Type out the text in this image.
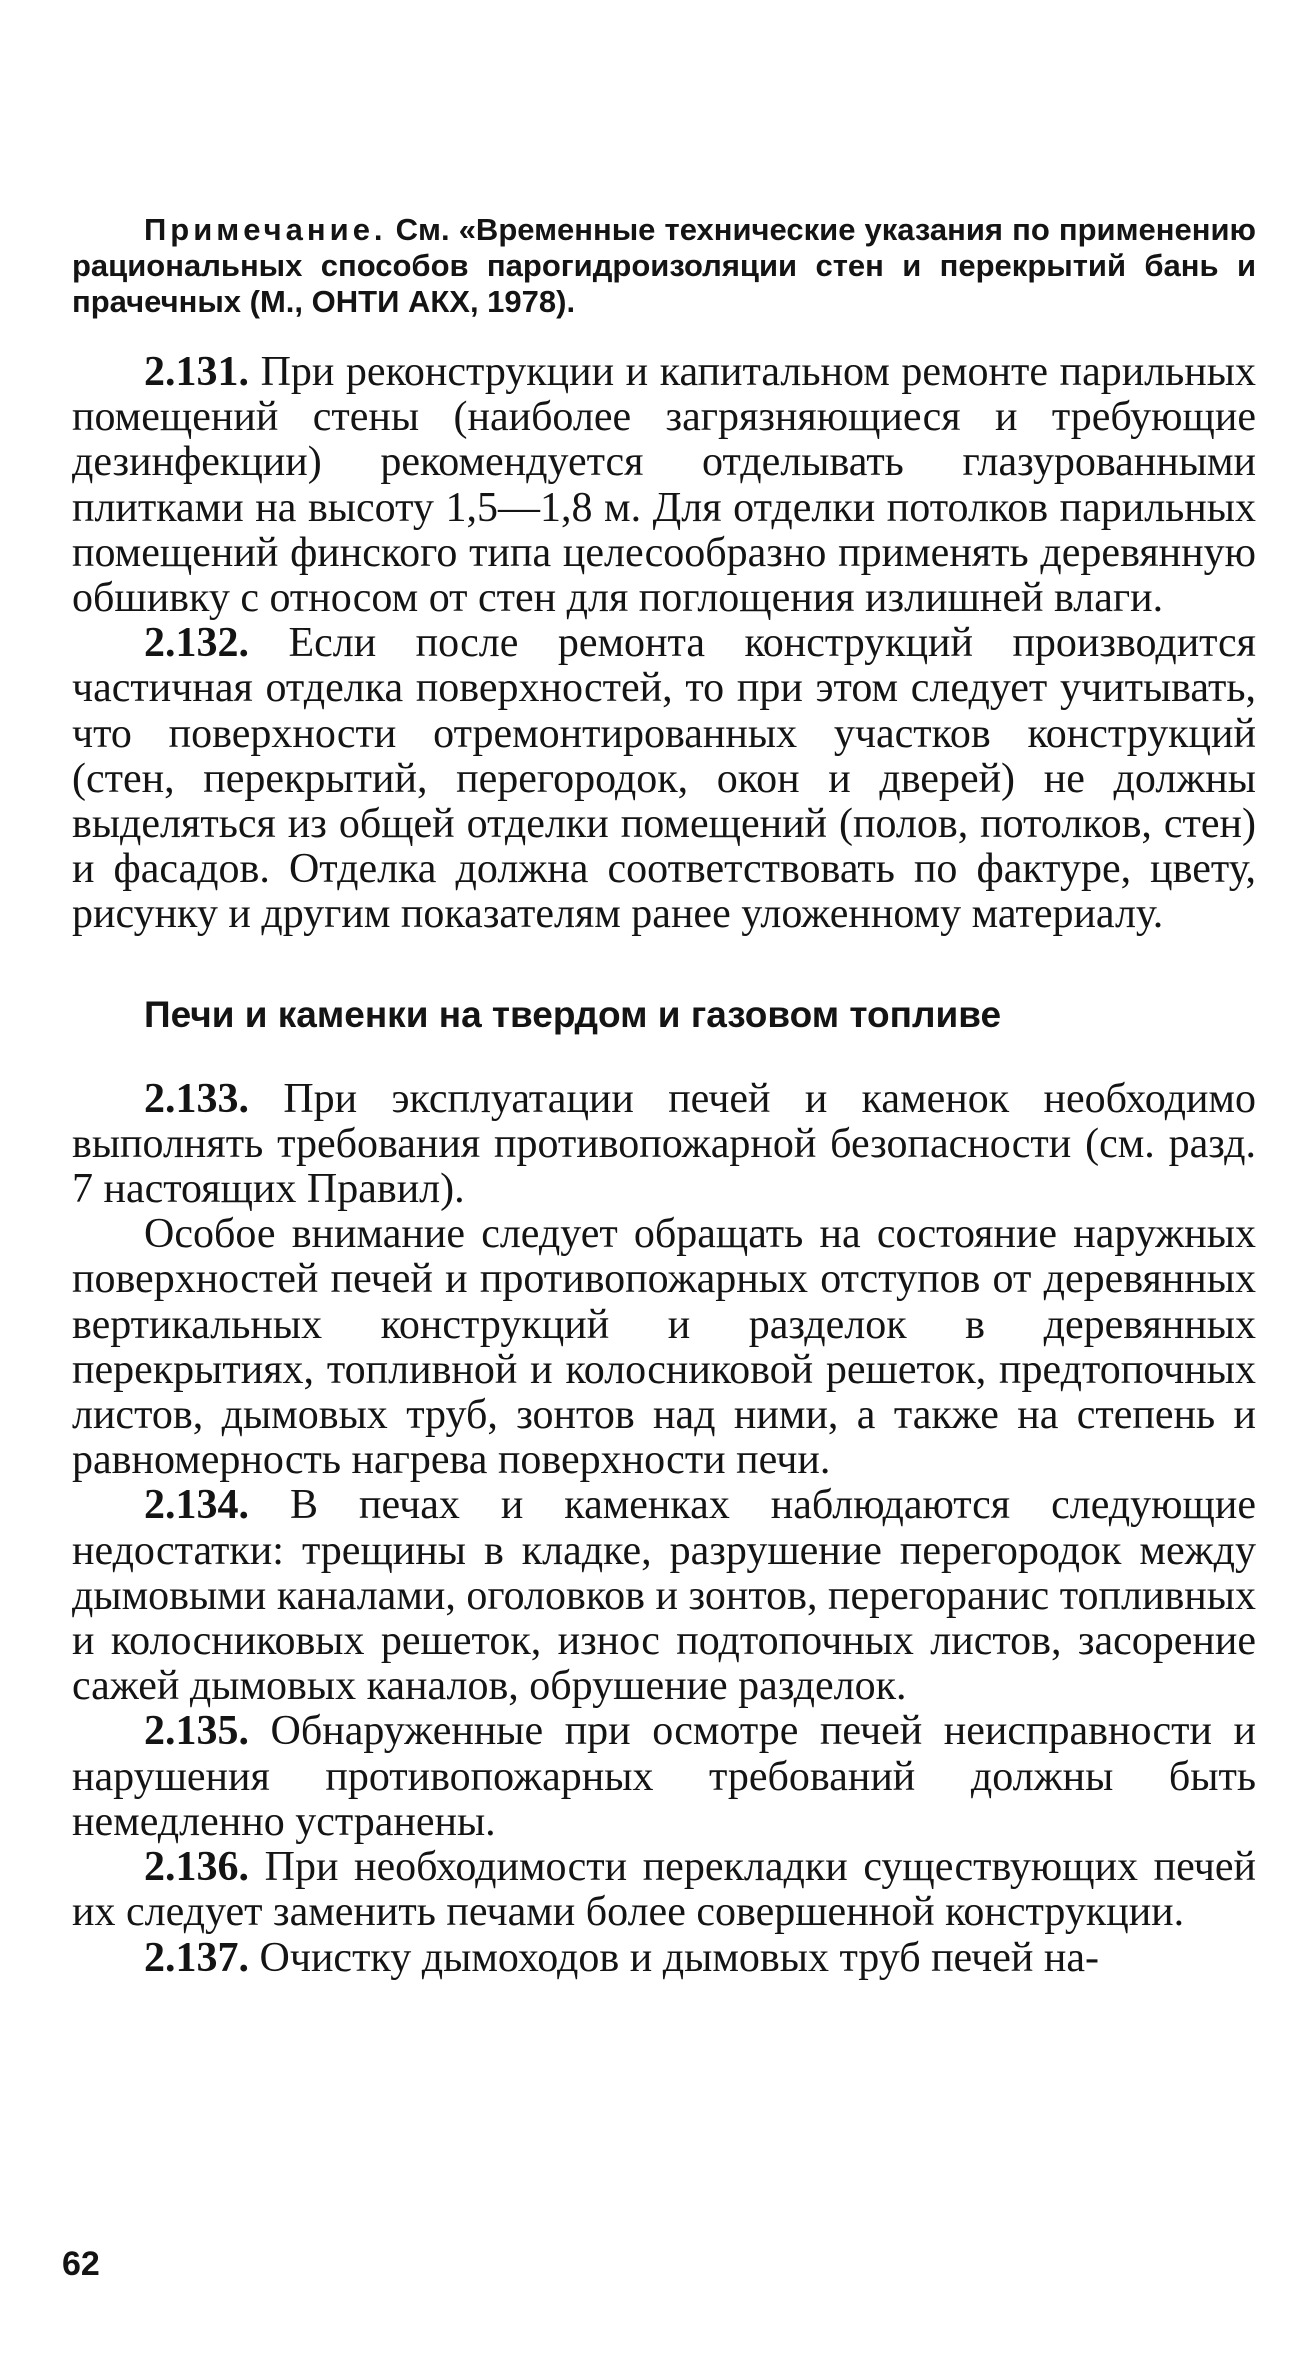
Примечание. См. «Временные технические указания по применению рациональных способов парогидроизоляции стен и перекрытий бань и прачечных (М., ОНТИ АКХ, 1978).

2.131. При реконструкции и капитальном ремонте парильных помещений стены (наиболее загрязняющиеся и требующие дезинфекции) рекомендуется отделывать глазурованными плитками на высоту 1,5—1,8 м. Для отделки потолков парильных помещений финского типа целесообразно применять деревянную обшивку с относом от стен для поглощения излишней влаги.

2.132. Если после ремонта конструкций производится частичная отделка поверхностей, то при этом следует учитывать, что поверхности отремонтированных участков конструкций (стен, перекрытий, перегородок, окон и дверей) не должны выделяться из общей отделки помещений (полов, потолков, стен) и фасадов. Отделка должна соответствовать по фактуре, цвету, рисунку и другим показателям ранее уложенному материалу.

Печи и каменки на твердом и газовом топливе

2.133. При эксплуатации печей и каменок необходимо выполнять требования противопожарной безопасности (см. разд. 7 настоящих Правил).

Особое внимание следует обращать на состояние наружных поверхностей печей и противопожарных отступов от деревянных вертикальных конструкций и разделок в деревянных перекрытиях, топливной и колосниковой решеток, предтопочных листов, дымовых труб, зонтов над ними, а также на степень и равномерность нагрева поверхности печи.

2.134. В печах и каменках наблюдаются следующие недостатки: трещины в кладке, разрушение перегородок между дымовыми каналами, оголовков и зонтов, перегоранис топливных и колосниковых решеток, износ подтопочных листов, засорение сажей дымовых каналов, обрушение разделок.

2.135. Обнаруженные при осмотре печей неисправности и нарушения противопожарных требований должны быть немедленно устранены.

2.136. При необходимости перекладки существующих печей их следует заменить печами более совершенной конструкции.

2.137. Очистку дымоходов и дымовых труб печей на-

62
